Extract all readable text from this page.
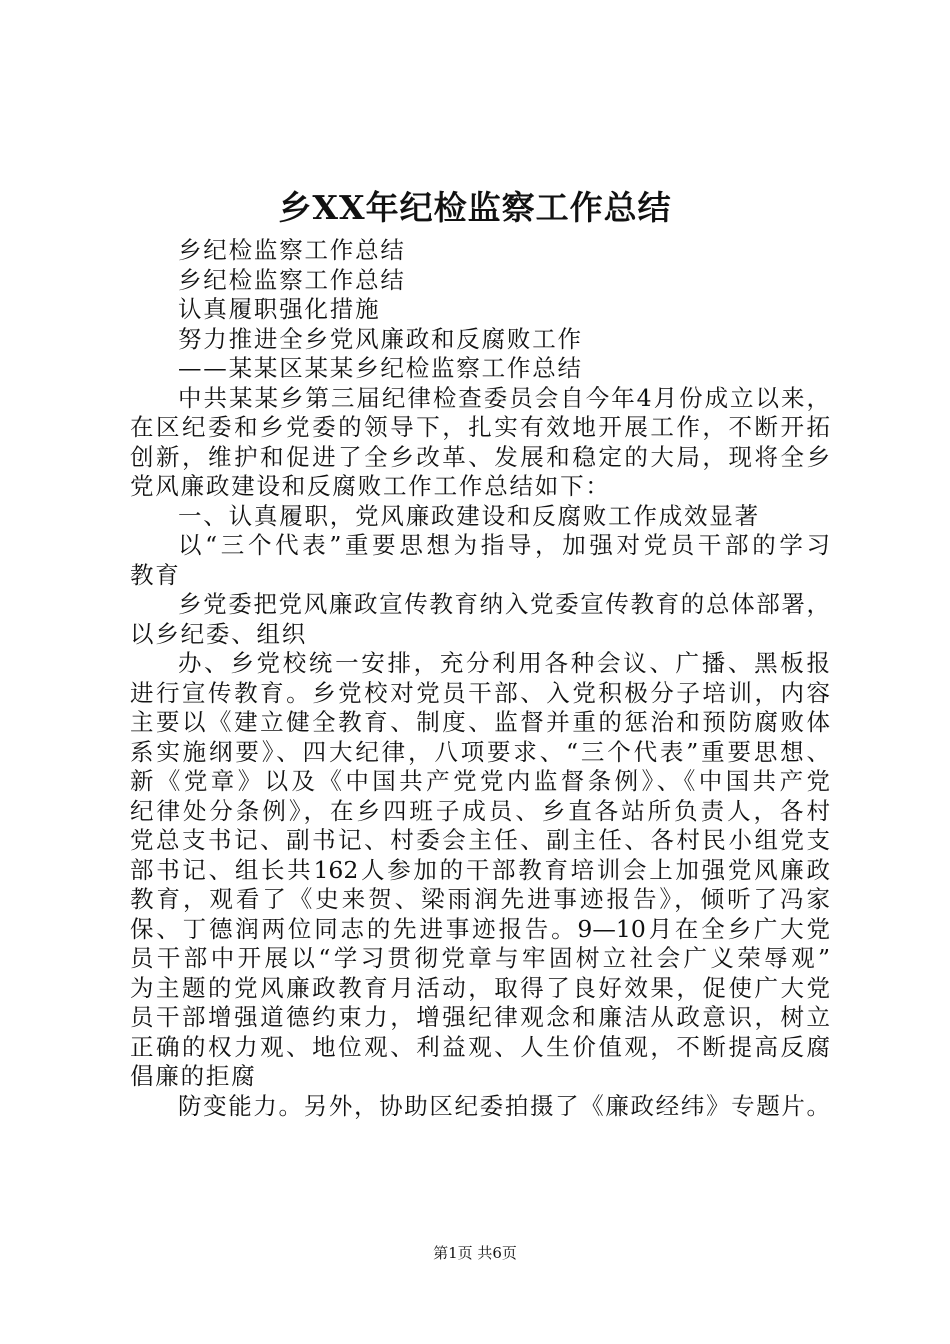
乡XX年纪检监察工作总结
乡纪检监察工作总结
乡纪检监察工作总结
认真履职强化措施
努力推进全乡党风廉政和反腐败工作
——某某区某某乡纪检监察工作总结
中共某某乡第三届纪律检查委员会自今年4月份成立以来，
在区纪委和乡党委的领导下，扎实有效地开展工作，不断开拓
创新，维护和促进了全乡改革、发展和稳定的大局，现将全乡
党风廉政建设和反腐败工作工作总结如下：
一、认真履职，党风廉政建设和反腐败工作成效显著
以“三个代表”重要思想为指导，加强对党员干部的学习
教育
乡党委把党风廉政宣传教育纳入党委宣传教育的总体部署，
以乡纪委、组织
办、乡党校统一安排，充分利用各种会议、广播、黑板报
进行宣传教育。乡党校对党员干部、入党积极分子培训，内容
主要以《建立健全教育、制度、监督并重的惩治和预防腐败体
系实施纲要》、四大纪律，八项要求、“三个代表”重要思想、
新《党章》以及《中国共产党党内监督条例》、《中国共产党
纪律处分条例》，在乡四班子成员、乡直各站所负责人，各村
党总支书记、副书记、村委会主任、副主任、各村民小组党支
部书记、组长共162人参加的干部教育培训会上加强党风廉政
教育，观看了《史来贺、梁雨润先进事迹报告》，倾听了冯家
保、丁德润两位同志的先进事迹报告。9—10月在全乡广大党
员干部中开展以“学习贯彻党章与牢固树立社会广义荣辱观”
为主题的党风廉政教育月活动，取得了良好效果，促使广大党
员干部增强道德约束力，增强纪律观念和廉洁从政意识，树立
正确的权力观、地位观、利益观、人生价值观，不断提高反腐
倡廉的拒腐
防变能力。另外，协助区纪委拍摄了《廉政经纬》专题片。
第1页 共6页
